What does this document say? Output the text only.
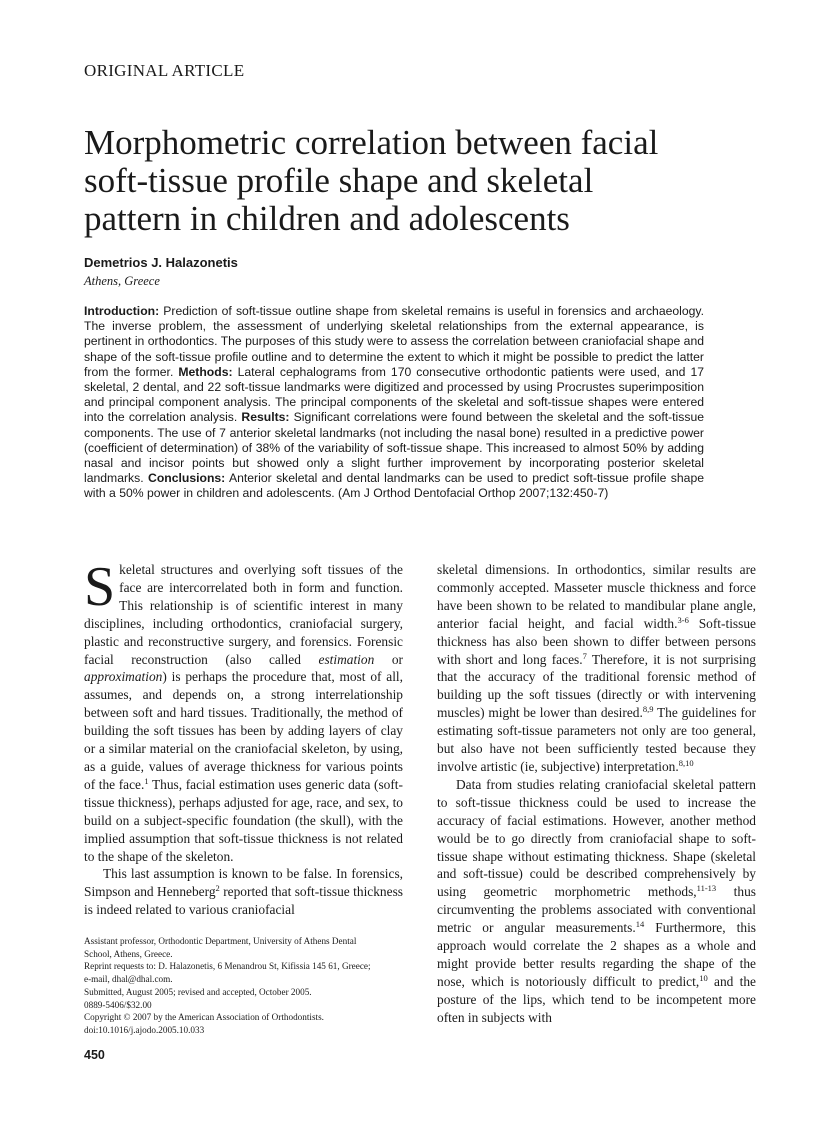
ORIGINAL ARTICLE
Morphometric correlation between facial
soft-tissue profile shape and skeletal
pattern in children and adolescents
Demetrios J. Halazonetis
Athens, Greece

Introduction: Prediction of soft-tissue outline shape from skeletal remains is useful in forensics and archaeology. The inverse problem, the assessment of underlying skeletal relationships from the external appearance, is pertinent in orthodontics. The purposes of this study were to assess the correlation between craniofacial shape and shape of the soft-tissue profile outline and to determine the extent to which it might be possible to predict the latter from the former. Methods: Lateral cephalograms from 170 consecutive orthodontic patients were used, and 17 skeletal, 2 dental, and 22 soft-tissue landmarks were digitized and processed by using Procrustes superimposition and principal component analysis. The principal components of the skeletal and soft-tissue shapes were entered into the correlation analysis. Results: Significant correlations were found between the skeletal and the soft-tissue components. The use of 7 anterior skeletal landmarks (not including the nasal bone) resulted in a predictive power (coefficient of determination) of 38% of the variability of soft-tissue shape. This increased to almost 50% by adding nasal and incisor points but showed only a slight further improvement by incorporating posterior skeletal landmarks. Conclusions: Anterior skeletal and dental landmarks can be used to predict soft-tissue profile shape with a 50% power in children and adolescents. (Am J Orthod Dentofacial Orthop 2007;132:450-7)

Skeletal structures and overlying soft tissues of the face are intercorrelated both in form and function. This relationship is of scientific interest in many disciplines, including orthodontics, craniofacial surgery, plastic and reconstructive surgery, and forensics. Forensic facial reconstruction (also called estimation or approximation) is perhaps the procedure that, most of all, assumes, and depends on, a strong interrelationship between soft and hard tissues. Traditionally, the method of building the soft tissues has been by adding layers of clay or a similar material on the craniofacial skeleton, by using, as a guide, values of average thickness for various points of the face.$^1$ Thus, facial estimation uses generic data (soft-tissue thickness), perhaps adjusted for age, race, and sex, to build on a subject-specific foundation (the skull), with the implied assumption that soft-tissue thickness is not related to the shape of the skeleton.

This last assumption is known to be false. In forensics, Simpson and Henneberg$^2$ reported that soft-tissue thickness is indeed related to various craniofacial

skeletal dimensions. In orthodontics, similar results are commonly accepted. Masseter muscle thickness and force have been shown to be related to mandibular plane angle, anterior facial height, and facial width.$^{3-6}$ Soft-tissue thickness has also been shown to differ between persons with short and long faces.$^7$ Therefore, it is not surprising that the accuracy of the traditional forensic method of building up the soft tissues (directly or with intervening muscles) might be lower than desired.$^{8,9}$ The guidelines for estimating soft-tissue parameters not only are too general, but also have not been sufficiently tested because they involve artistic (ie, subjective) interpretation.$^{8,10}$

Data from studies relating craniofacial skeletal pattern to soft-tissue thickness could be used to increase the accuracy of facial estimations. However, another method would be to go directly from craniofacial shape to soft-tissue shape without estimating thickness. Shape (skeletal and soft-tissue) could be described comprehensively by using geometric morphometric methods,$^{11-13}$ thus circumventing the problems associated with conventional metric or angular measurements.$^{14}$ Furthermore, this approach would correlate the 2 shapes as a whole and might provide better results regarding the shape of the nose, which is notoriously difficult to predict,$^{10}$ and the posture of the lips, which tend to be incompetent more often in subjects with

Assistant professor, Orthodontic Department, University of Athens Dental
School, Athens, Greece.
Reprint requests to: D. Halazonetis, 6 Menandrou St, Kifissia 145 61, Greece;
e-mail, dhal@dhal.com.
Submitted, August 2005; revised and accepted, October 2005.
0889-5406/$32.00
Copyright © 2007 by the American Association of Orthodontists.
doi:10.1016/j.ajodo.2005.10.033
450
